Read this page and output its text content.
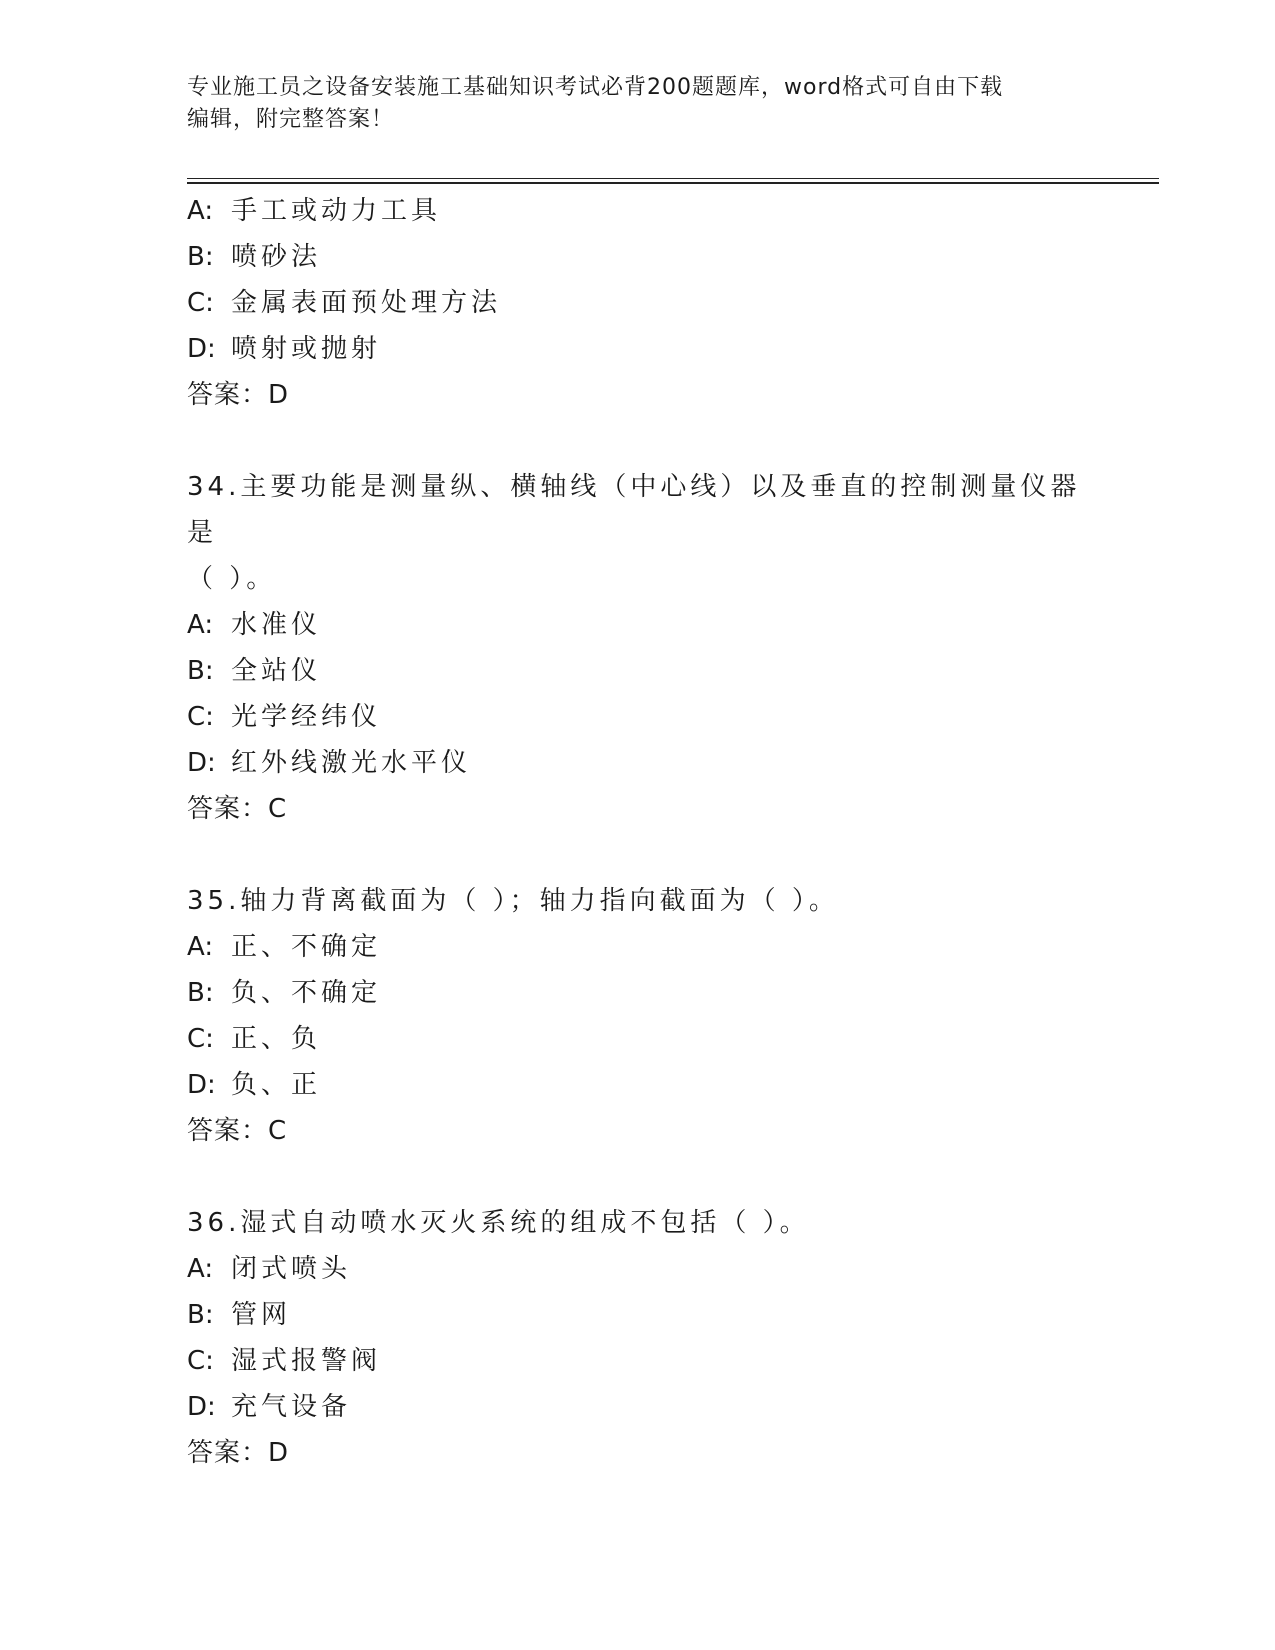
专业施工员之设备安装施工基础知识考试必背200题题库，word格式可自由下载
编辑，附完整答案！
A: 手工或动力工具
B: 喷砂法
C: 金属表面预处理方法
D: 喷射或抛射
答案：D
34.主要功能是测量纵、横轴线（中心线）以及垂直的控制测量仪器是
（ ）。
A: 水准仪
B: 全站仪
C: 光学经纬仪
D: 红外线激光水平仪
答案：C
35.轴力背离截面为（ ）；轴力指向截面为（ ）。
A: 正、不确定
B: 负、不确定
C: 正、负
D: 负、正
答案：C
36.湿式自动喷水灭火系统的组成不包括（ ）。
A: 闭式喷头
B: 管网
C: 湿式报警阀
D: 充气设备
答案：D
